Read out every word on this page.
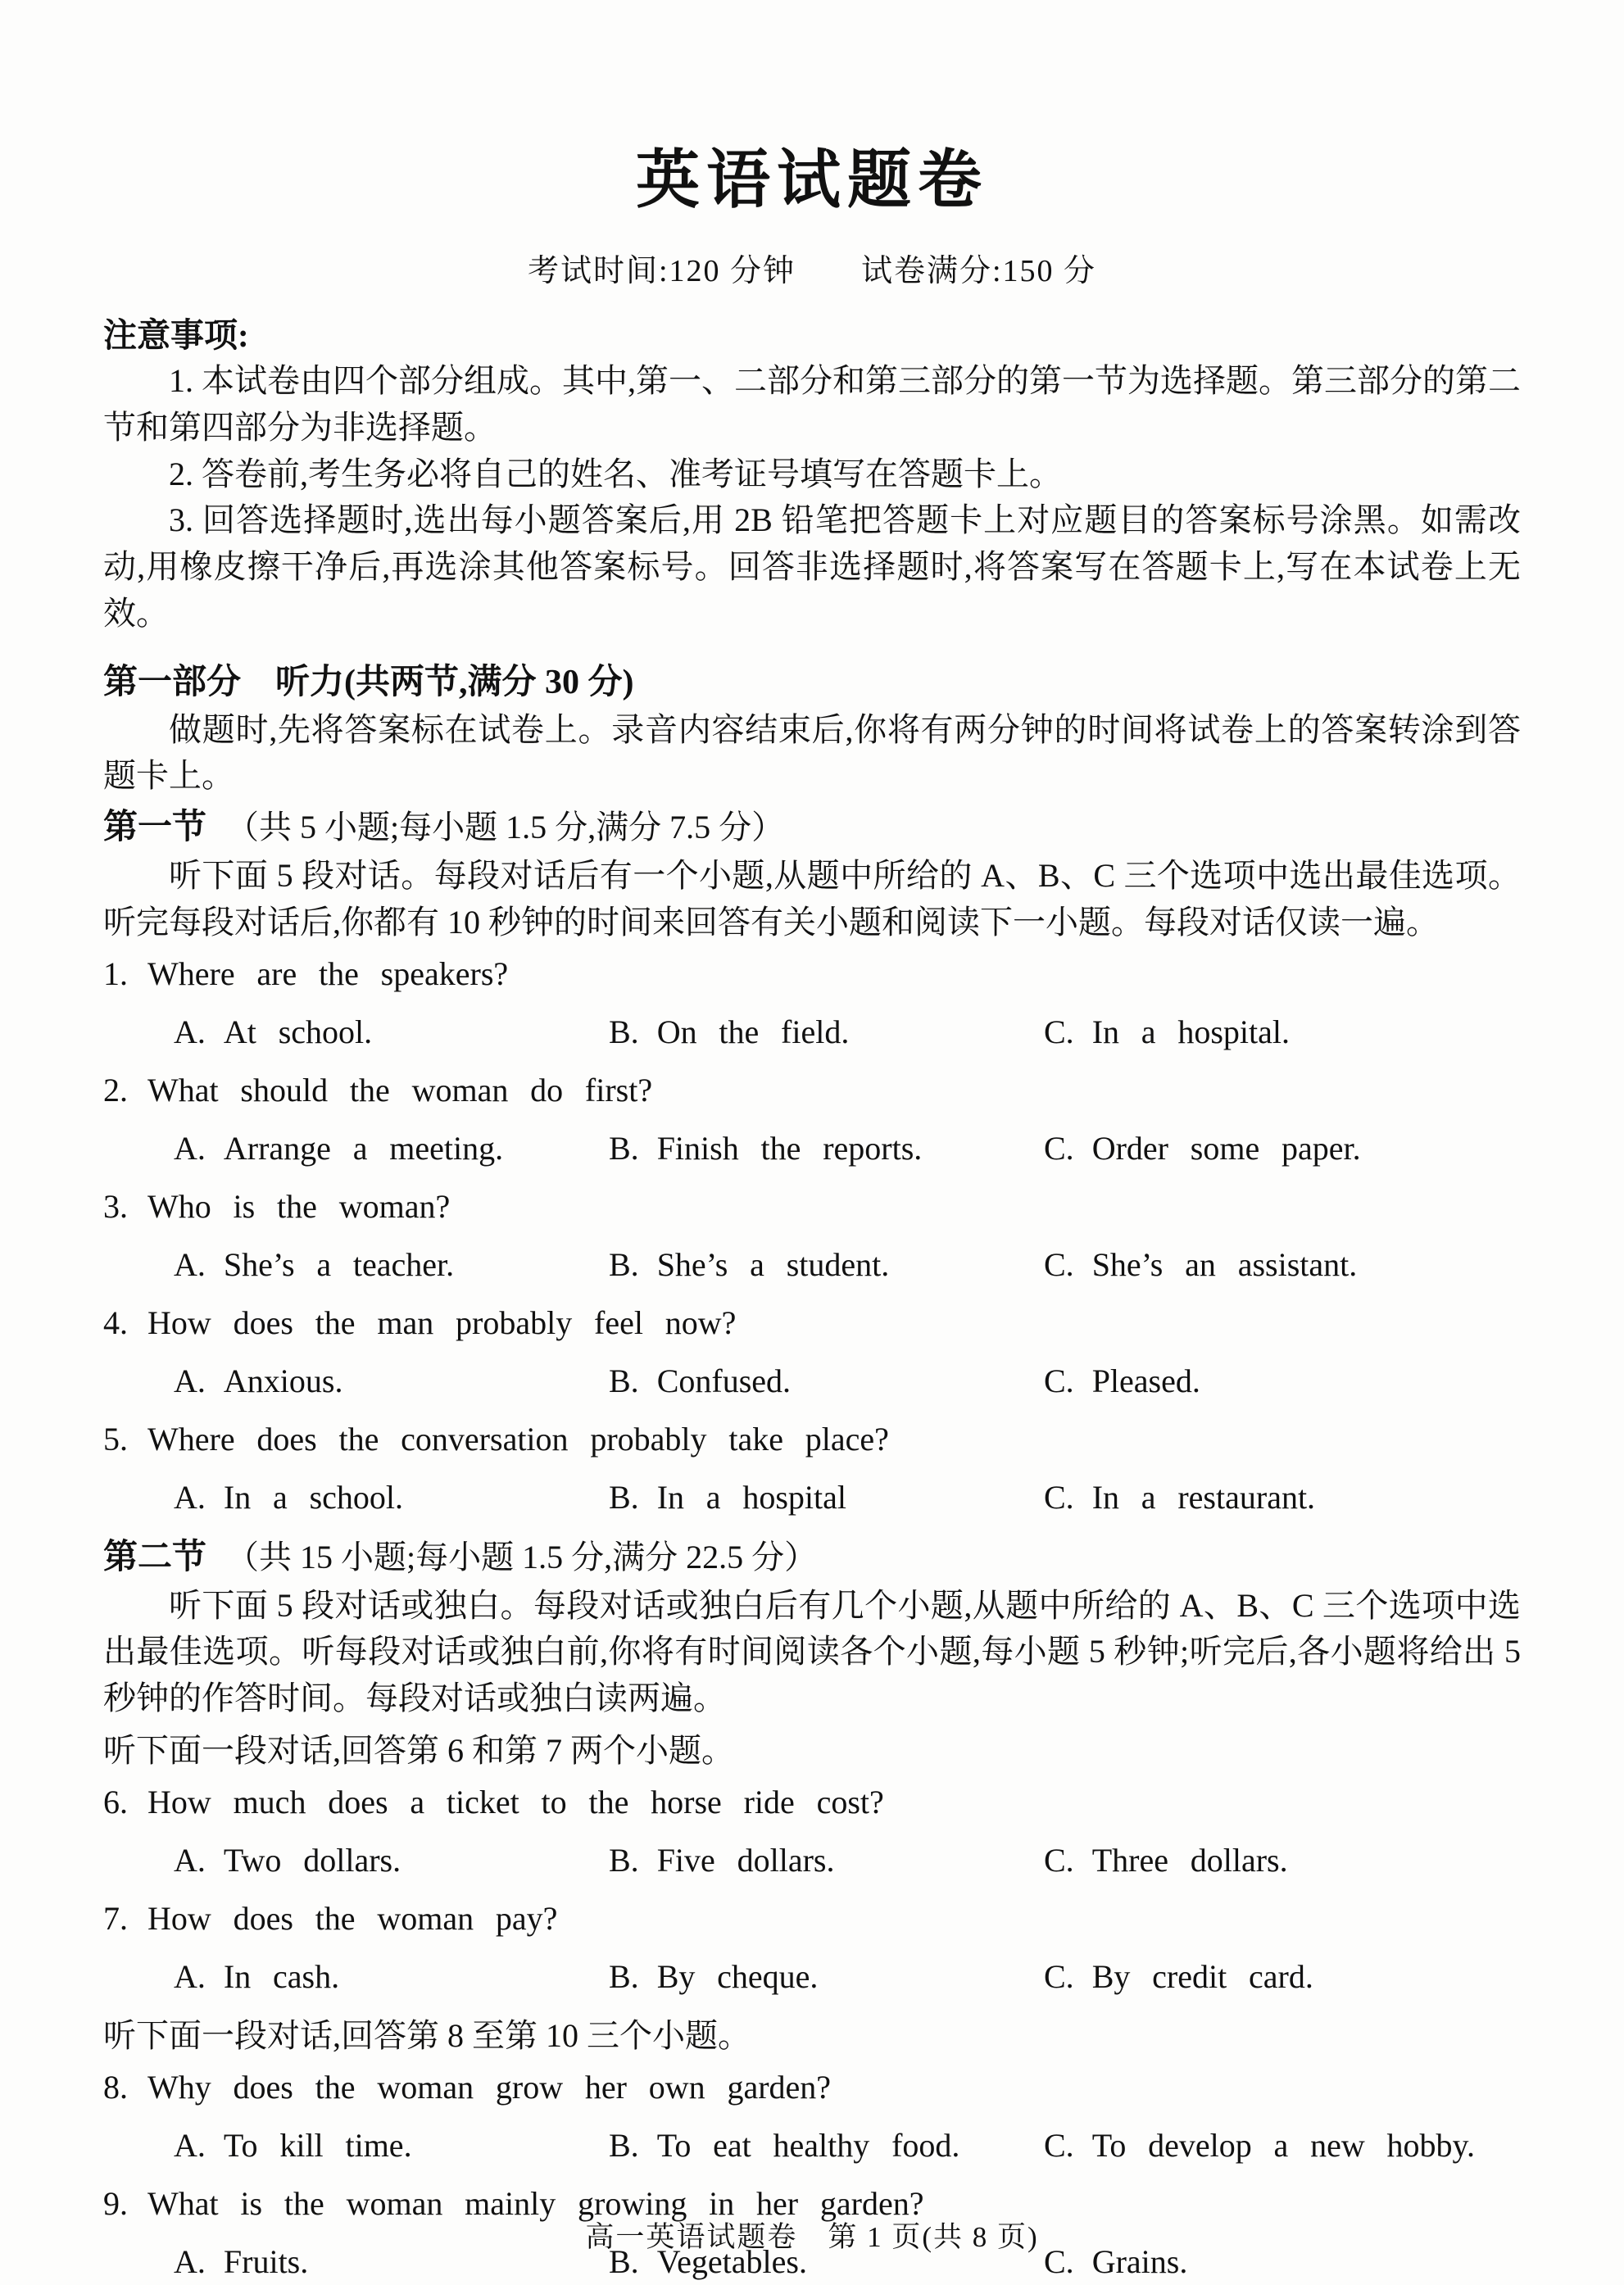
英语试题卷
考试时间:120 分钟　　试卷满分:150 分
注意事项:

1. 本试卷由四个部分组成。其中,第一、二部分和第三部分的第一节为选择题。第三部分的第二节和第四部分为非选择题。

2. 答卷前,考生务必将自己的姓名、准考证号填写在答题卡上。

3. 回答选择题时,选出每小题答案后,用 2B 铅笔把答题卡上对应题目的答案标号涂黑。如需改动,用橡皮擦干净后,再选涂其他答案标号。回答非选择题时,将答案写在答题卡上,写在本试卷上无效。

第一部分　听力(共两节,满分 30 分)

做题时,先将答案标在试卷上。录音内容结束后,你将有两分钟的时间将试卷上的答案转涂到答题卡上。

第一节 （共 5 小题;每小题 1.5 分,满分 7.5 分）

听下面 5 段对话。每段对话后有一个小题,从题中所给的 A、B、C 三个选项中选出最佳选项。听完每段对话后,你都有 10 秒钟的时间来回答有关小题和阅读下一小题。每段对话仅读一遍。

1. Where are the speakers?
A. At school.	B. On the field.	C. In a hospital.
2. What should the woman do first?
A. Arrange a meeting.	B. Finish the reports.	C. Order some paper.
3. Who is the woman?
A. She’s a teacher.	B. She’s a student.	C. She’s an assistant.
4. How does the man probably feel now?
A. Anxious.	B. Confused.	C. Pleased.
5. Where does the conversation probably take place?
A. In a school.	B. In a hospital	C. In a restaurant.
第二节 （共 15 小题;每小题 1.5 分,满分 22.5 分）

听下面 5 段对话或独白。每段对话或独白后有几个小题,从题中所给的 A、B、C 三个选项中选出最佳选项。听每段对话或独白前,你将有时间阅读各个小题,每小题 5 秒钟;听完后,各小题将给出 5 秒钟的作答时间。每段对话或独白读两遍。

听下面一段对话,回答第 6 和第 7 两个小题。
6. How much does a ticket to the horse ride cost?
A. Two dollars.	B. Five dollars.	C. Three dollars.
7. How does the woman pay?
A. In cash.	B. By cheque.	C. By credit card.
听下面一段对话,回答第 8 至第 10 三个小题。
8. Why does the woman grow her own garden?
A. To kill time.	B. To eat healthy food.	C. To develop a new hobby.
9. What is the woman mainly growing in her garden?
A. Fruits.	B. Vegetables.	C. Grains.
高一英语试题卷　第 1 页(共 8 页)
